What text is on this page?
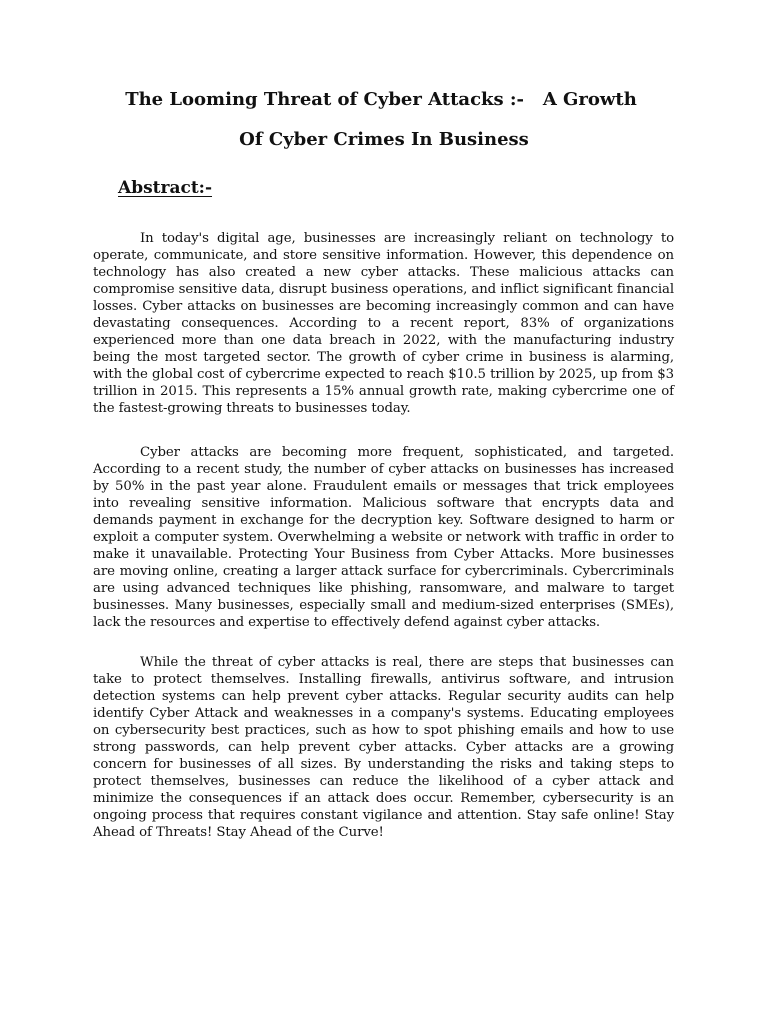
The Looming Threat of Cyber Attacks :-   A Growth
Of Cyber Crimes In Business
Abstract:-

In today's digital age, businesses are increasingly reliant on technology to operate, communicate, and store sensitive information. However, this dependence on technology has also created a new cyber attacks. These malicious attacks can compromise sensitive data, disrupt business operations, and inflict significant financial losses. Cyber attacks on businesses are becoming increasingly common and can have devastating consequences. According to a recent report, 83% of organizations experienced more than one data breach in 2022, with the manufacturing industry being the most targeted sector. The growth of cyber crime in business is alarming, with the global cost of cybercrime expected to reach $10.5 trillion by 2025, up from $3 trillion in 2015. This represents a 15% annual growth rate, making cybercrime one of the fastest-growing threats to businesses today.

Cyber attacks are becoming more frequent, sophisticated, and targeted. According to a recent study, the number of cyber attacks on businesses has increased by 50% in the past year alone. Fraudulent emails or messages that trick employees into revealing sensitive information. Malicious software that encrypts data and demands payment in exchange for the decryption key. Software designed to harm or exploit a computer system. Overwhelming a website or network with traffic in order to make it unavailable. Protecting Your Business from Cyber Attacks. More businesses are moving online, creating a larger attack surface for cybercriminals. Cybercriminals are using advanced techniques like phishing, ransomware, and malware to target businesses. Many businesses, especially small and medium-sized enterprises (SMEs), lack the resources and expertise to effectively defend against cyber attacks.

While the threat of cyber attacks is real, there are steps that businesses can take to protect themselves. Installing firewalls, antivirus software, and intrusion detection systems can help prevent cyber attacks. Regular security audits can help identify Cyber Attack and weaknesses in a company's systems. Educating employees on cybersecurity best practices, such as how to spot phishing emails and how to use strong passwords, can help prevent cyber attacks. Cyber attacks are a growing concern for businesses of all sizes. By understanding the risks and taking steps to protect themselves, businesses can reduce the likelihood of a cyber attack and minimize the consequences if an attack does occur. Remember, cybersecurity is an ongoing process that requires constant vigilance and attention. Stay safe online! Stay Ahead of Threats! Stay Ahead of the Curve!
